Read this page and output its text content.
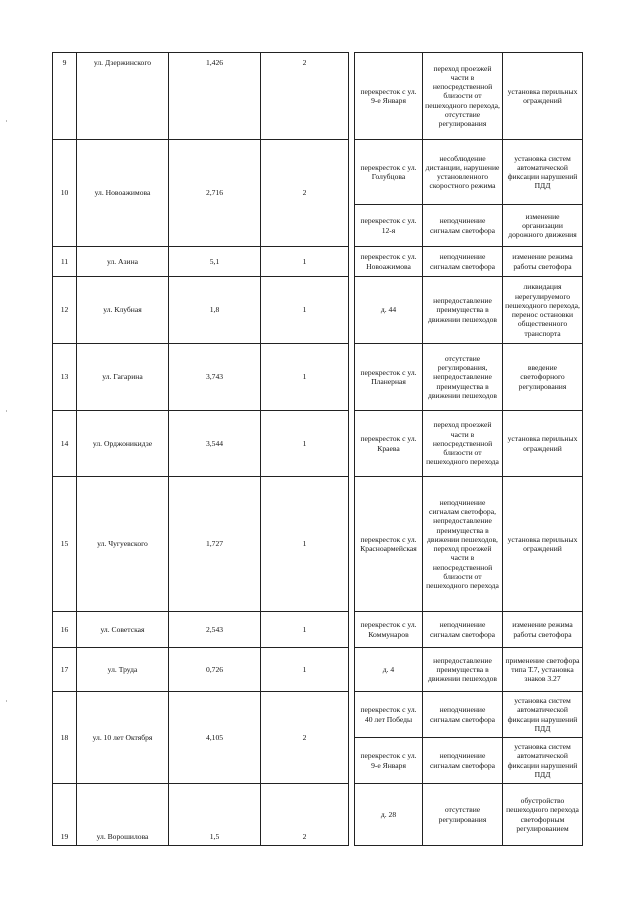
9	ул. Дзержинского	1,426	2		перекресток с ул. 9-е Января	переход проезжей части в непосредственной близости от пешеходного перехода, отсутствие регулирования	установка перильных ограждений
10	ул. Новоажимова	2,716	2		перекресток с ул. Голубцова	несоблюдение дистанции, нарушение установленного скоростного режима	установка систем автоматической фиксации нарушений ПДД
					перекресток с ул. 12-я	неподчинение сигналам светофора	изменение организации дорожного движения
11	ул. Азина	5,1	1		перекресток с ул. Новоажимова	неподчинение сигналам светофора	изменение режима работы светофора
12	ул. Клубная	1,8	1		д. 44	непредоставление преимущества в движении пешеходов	ликвидация нерегулируемого пешеходного перехода, перенос остановки общественного транспорта
13	ул. Гагарина	3,743	1		перекресток с ул. Планерная	отсутствие регулирования, непредоставление преимущества в движении пешеходов	введение светофорного регулирования
14	ул. Орджоникидзе	3,544	1		перекресток с ул. Краева	переход проезжей части в непосредственной близости от пешеходного перехода	установка перильных ограждений
15	ул. Чугуевского	1,727	1		перекресток с ул. Красноармейская	неподчинение сигналам светофора, непредоставление преимущества в движении пешеходов, переход проезжей части в непосредственной близости от пешеходного перехода	установка перильных ограждений
16	ул. Советская	2,543	1		перекресток с ул. Коммунаров	неподчинение сигналам светофора	изменение режима работы светофора
17	ул. Труда	0,726	1		д. 4	непредоставление преимущества в движении пешеходов	применение светофора типа Т.7, установка знаков 3.27
18	ул. 10 лет Октября	4,105	2		перекресток с ул. 40 лет Победы	неподчинение сигналам светофора	установка систем автоматической фиксации нарушений ПДД
					перекресток с ул. 9-е Января	неподчинение сигналам светофора	установка систем автоматической фиксации нарушений ПДД
19	ул. Ворошилова	1,5	2		д. 28	отсутствие регулирования	обустройство пешеходного перехода светофорным регулированием
